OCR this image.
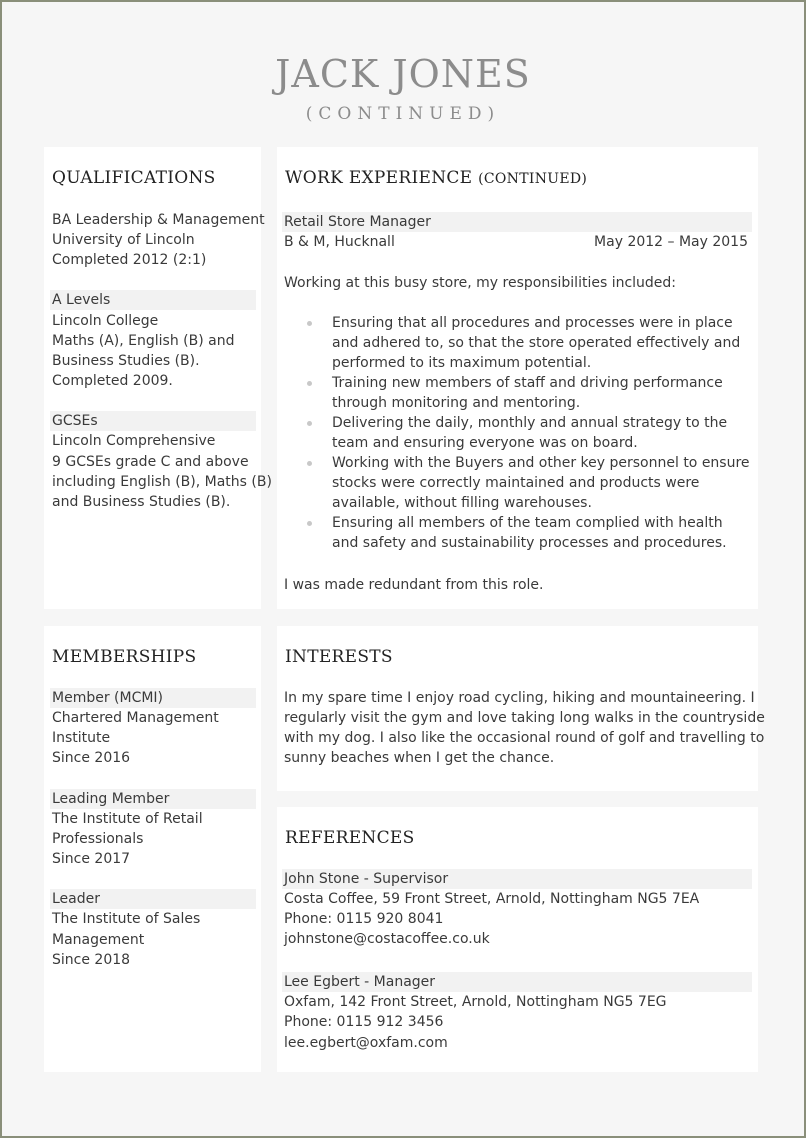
JACK JONES
(CONTINUED)
QUALIFICATIONS
BA Leadership & Management
University of Lincoln
Completed 2012 (2:1)
A Levels
Lincoln College
Maths (A), English (B) and
Business Studies (B).
Completed 2009.
GCSEs
Lincoln Comprehensive
9 GCSEs grade C and above
including English (B), Maths (B)
and Business Studies (B).
WORK EXPERIENCE (CONTINUED)
Retail Store Manager
B & M, Hucknall	May 2012 – May 2015
Working at this busy store, my responsibilities included:
Ensuring that all procedures and processes were in place and adhered to, so that the store operated effectively and performed to its maximum potential.
Training new members of staff and driving performance through monitoring and mentoring.
Delivering the daily, monthly and annual strategy to the team and ensuring everyone was on board.
Working with the Buyers and other key personnel to ensure stocks were correctly maintained and products were available, without filling warehouses.
Ensuring all members of the team complied with health and safety and sustainability processes and procedures.
I was made redundant from this role.
MEMBERSHIPS
Member (MCMI)
Chartered Management
Institute
Since 2016
Leading Member
The Institute of Retail
Professionals
Since 2017
Leader
The Institute of Sales
Management
Since 2018
INTERESTS
In my spare time I enjoy road cycling, hiking and mountaineering. I
regularly visit the gym and love taking long walks in the countryside
with my dog. I also like the occasional round of golf and travelling to
sunny beaches when I get the chance.
REFERENCES
John Stone - Supervisor
Costa Coffee, 59 Front Street, Arnold, Nottingham NG5 7EA
Phone: 0115 920 8041
johnstone@costacoffee.co.uk
Lee Egbert - Manager
Oxfam, 142 Front Street, Arnold, Nottingham NG5 7EG
Phone: 0115 912 3456
lee.egbert@oxfam.com
